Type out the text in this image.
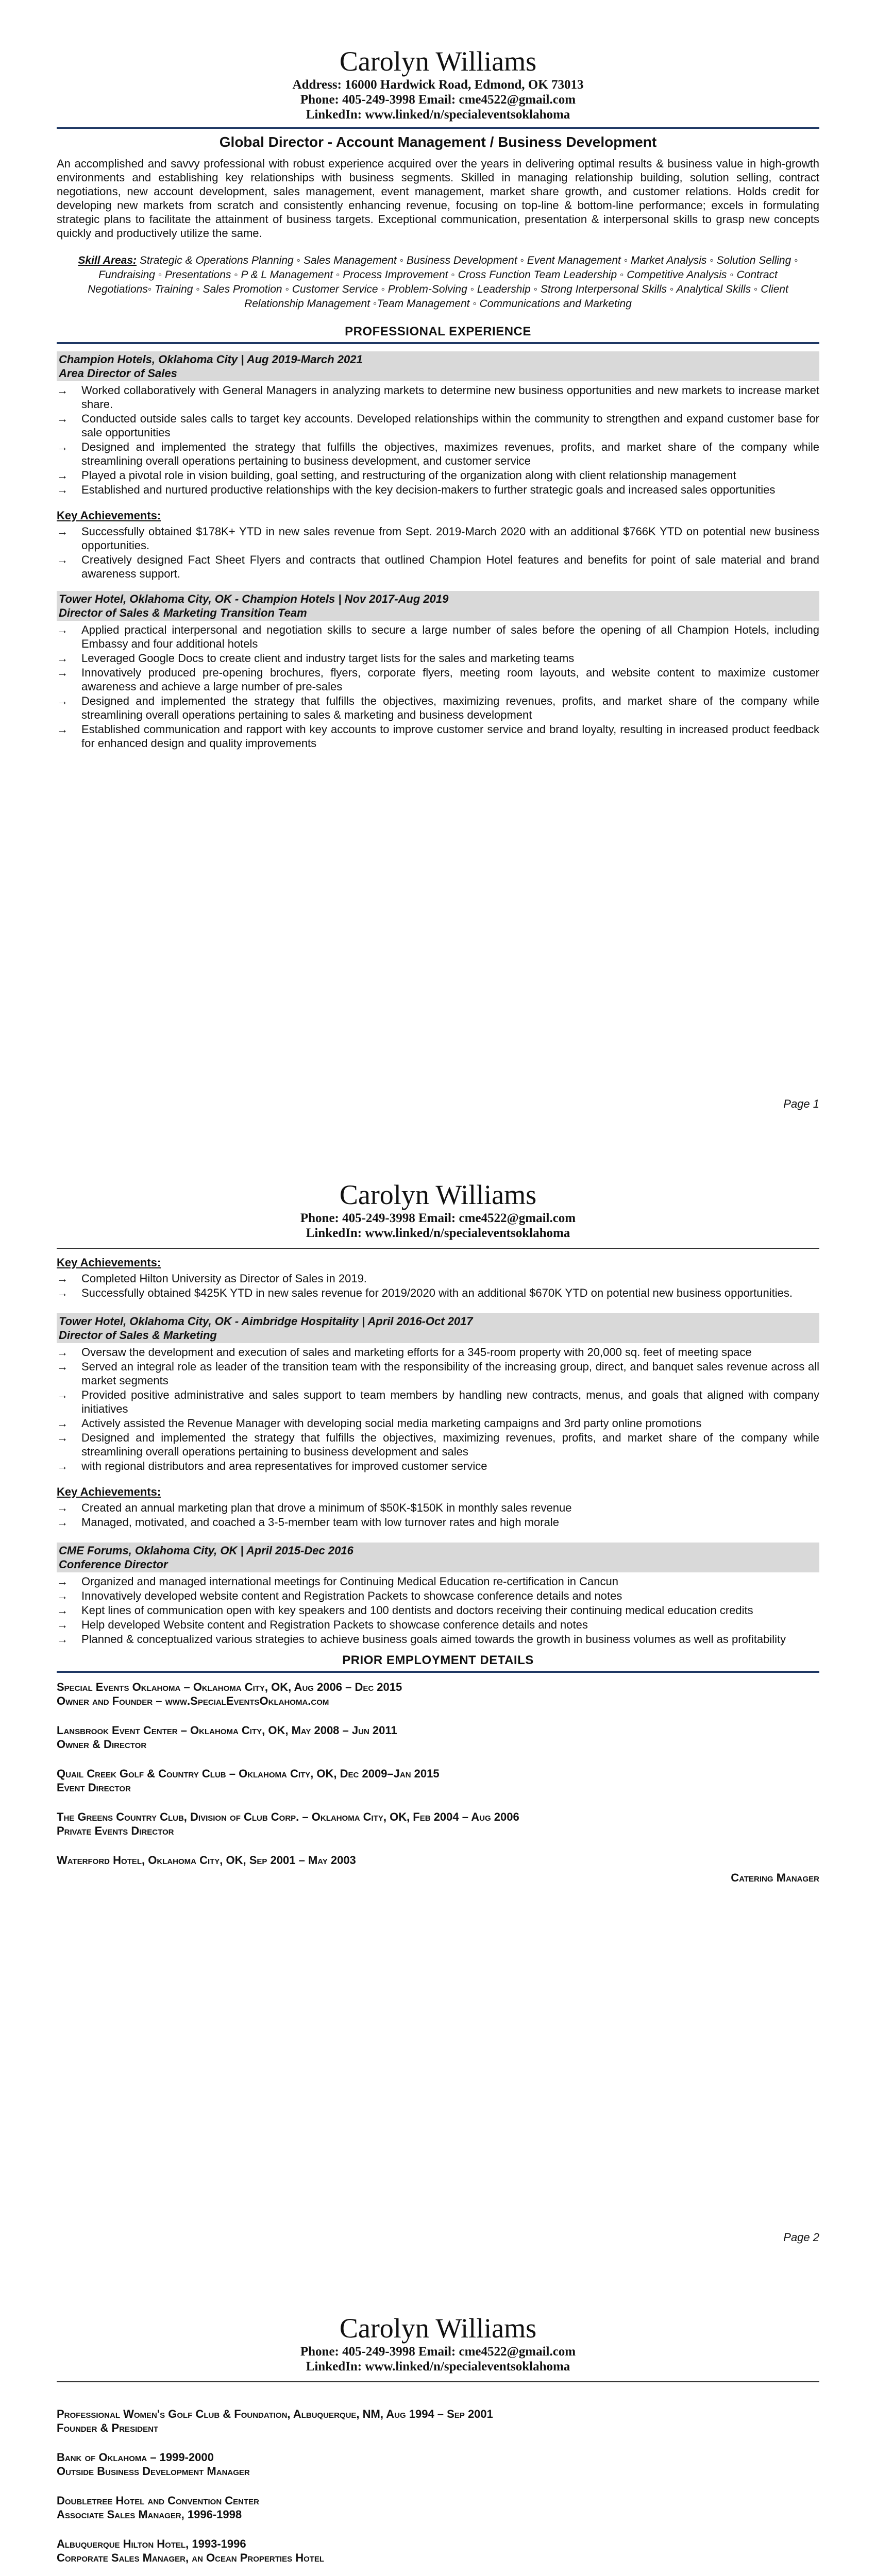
Carolyn Williams
Address: 16000 Hardwick Road, Edmond, OK 73013
Phone: 405-249-3998 Email: cme4522@gmail.com
LinkedIn: www.linked/n/specialeventsoklahoma
Global Director - Account Management / Business Development

An accomplished and savvy professional with robust experience acquired over the years in delivering optimal results & business value in high-growth environments and establishing key relationships with business segments. Skilled in managing relationship building, solution selling, contract negotiations, new account development, sales management, event management, market share growth, and customer relations. Holds credit for developing new markets from scratch and consistently enhancing revenue, focusing on top-line & bottom-line performance; excels in formulating strategic plans to facilitate the attainment of business targets. Exceptional communication, presentation & interpersonal skills to grasp new concepts quickly and productively utilize the same.

Skill Areas: Strategic & Operations Planning ◦ Sales Management ◦ Business Development ◦ Event Management ◦ Market Analysis ◦ Solution Selling ◦ Fundraising ◦ Presentations ◦ P & L Management ◦ Process Improvement ◦ Cross Function Team Leadership ◦ Competitive Analysis ◦ Contract Negotiations◦ Training ◦ Sales Promotion ◦ Customer Service ◦ Problem-Solving ◦ Leadership ◦ Strong Interpersonal Skills ◦ Analytical Skills ◦ Client Relationship Management ◦Team Management ◦ Communications and Marketing
PROFESSIONAL EXPERIENCE
Champion Hotels, Oklahoma City | Aug 2019-March 2021
Area Director of Sales
→ Worked collaboratively with General Managers in analyzing markets to determine new business opportunities and new markets to increase market share.
→ Conducted outside sales calls to target key accounts. Developed relationships within the community to strengthen and expand customer base for sale opportunities
→ Designed and implemented the strategy that fulfills the objectives, maximizes revenues, profits, and market share of the company while streamlining overall operations pertaining to business development, and customer service
→ Played a pivotal role in vision building, goal setting, and restructuring of the organization along with client relationship management
→ Established and nurtured productive relationships with the key decision-makers to further strategic goals and increased sales opportunities
Key Achievements:
→ Successfully obtained $178K+ YTD in new sales revenue from Sept. 2019-March 2020 with an additional $766K YTD on potential new business opportunities.
→ Creatively designed Fact Sheet Flyers and contracts that outlined Champion Hotel features and benefits for point of sale material and brand awareness support.
Tower Hotel, Oklahoma City, OK - Champion Hotels | Nov 2017-Aug 2019
Director of Sales & Marketing Transition Team
→ Applied practical interpersonal and negotiation skills to secure a large number of sales before the opening of all Champion Hotels, including Embassy and four additional hotels
→ Leveraged Google Docs to create client and industry target lists for the sales and marketing teams
→ Innovatively produced pre-opening brochures, flyers, corporate flyers, meeting room layouts, and website content to maximize customer awareness and achieve a large number of pre-sales
→ Designed and implemented the strategy that fulfills the objectives, maximizing revenues, profits, and market share of the company while streamlining overall operations pertaining to sales & marketing and business development
→ Established communication and rapport with key accounts to improve customer service and brand loyalty, resulting in increased product feedback for enhanced design and quality improvements
Page 1
Carolyn Williams
Phone: 405-249-3998 Email: cme4522@gmail.com
LinkedIn: www.linked/n/specialeventsoklahoma
Key Achievements:
→ Completed Hilton University as Director of Sales in 2019.
→ Successfully obtained $425K YTD in new sales revenue for 2019/2020 with an additional $670K YTD on potential new business opportunities.
Tower Hotel, Oklahoma City, OK - Aimbridge Hospitality | April 2016-Oct 2017
Director of Sales & Marketing
→ Oversaw the development and execution of sales and marketing efforts for a 345-room property with 20,000 sq. feet of meeting space
→ Served an integral role as leader of the transition team with the responsibility of the increasing group, direct, and banquet sales revenue across all market segments
→ Provided positive administrative and sales support to team members by handling new contracts, menus, and goals that aligned with company initiatives
→ Actively assisted the Revenue Manager with developing social media marketing campaigns and 3rd party online promotions
→ Designed and implemented the strategy that fulfills the objectives, maximizing revenues, profits, and market share of the company while streamlining overall operations pertaining to business development and sales
→ with regional distributors and area representatives for improved customer service
Key Achievements:
→ Created an annual marketing plan that drove a minimum of $50K-$150K in monthly sales revenue
→ Managed, motivated, and coached a 3-5-member team with low turnover rates and high morale
CME Forums, Oklahoma City, OK | April 2015-Dec 2016
Conference Director
→ Organized and managed international meetings for Continuing Medical Education re-certification in Cancun
→ Innovatively developed website content and Registration Packets to showcase conference details and notes
→ Kept lines of communication open with key speakers and 100 dentists and doctors receiving their continuing medical education credits
→ Help developed Website content and Registration Packets to showcase conference details and notes
→ Planned & conceptualized various strategies to achieve business goals aimed towards the growth in business volumes as well as profitability
PRIOR EMPLOYMENT DETAILS
Special Events Oklahoma – Oklahoma City, OK, Aug 2006 – Dec 2015
Owner and Founder – www.SpecialEventsOklahoma.com
Lansbrook Event Center – Oklahoma City, OK, May 2008 – Jun 2011
Owner & Director
Quail Creek Golf & Country Club – Oklahoma City, OK, Dec 2009–Jan 2015
Event Director
The Greens Country Club, Division of Club Corp. – Oklahoma City, OK, Feb 2004 – Aug 2006
Private Events Director
Waterford Hotel, Oklahoma City, OK, Sep 2001 – May 2003
Catering Manager
Page 2
Carolyn Williams
Phone: 405-249-3998 Email: cme4522@gmail.com
LinkedIn: www.linked/n/specialeventsoklahoma
Professional Women's Golf Club & Foundation, Albuquerque, NM, Aug 1994 – Sep 2001
Founder & President
Bank of Oklahoma – 1999-2000
Outside Business Development Manager
Doubletree Hotel and Convention Center
Associate Sales Manager, 1996-1998
Albuquerque Hilton Hotel, 1993-1996
Corporate Sales Manager, an Ocean Properties Hotel
